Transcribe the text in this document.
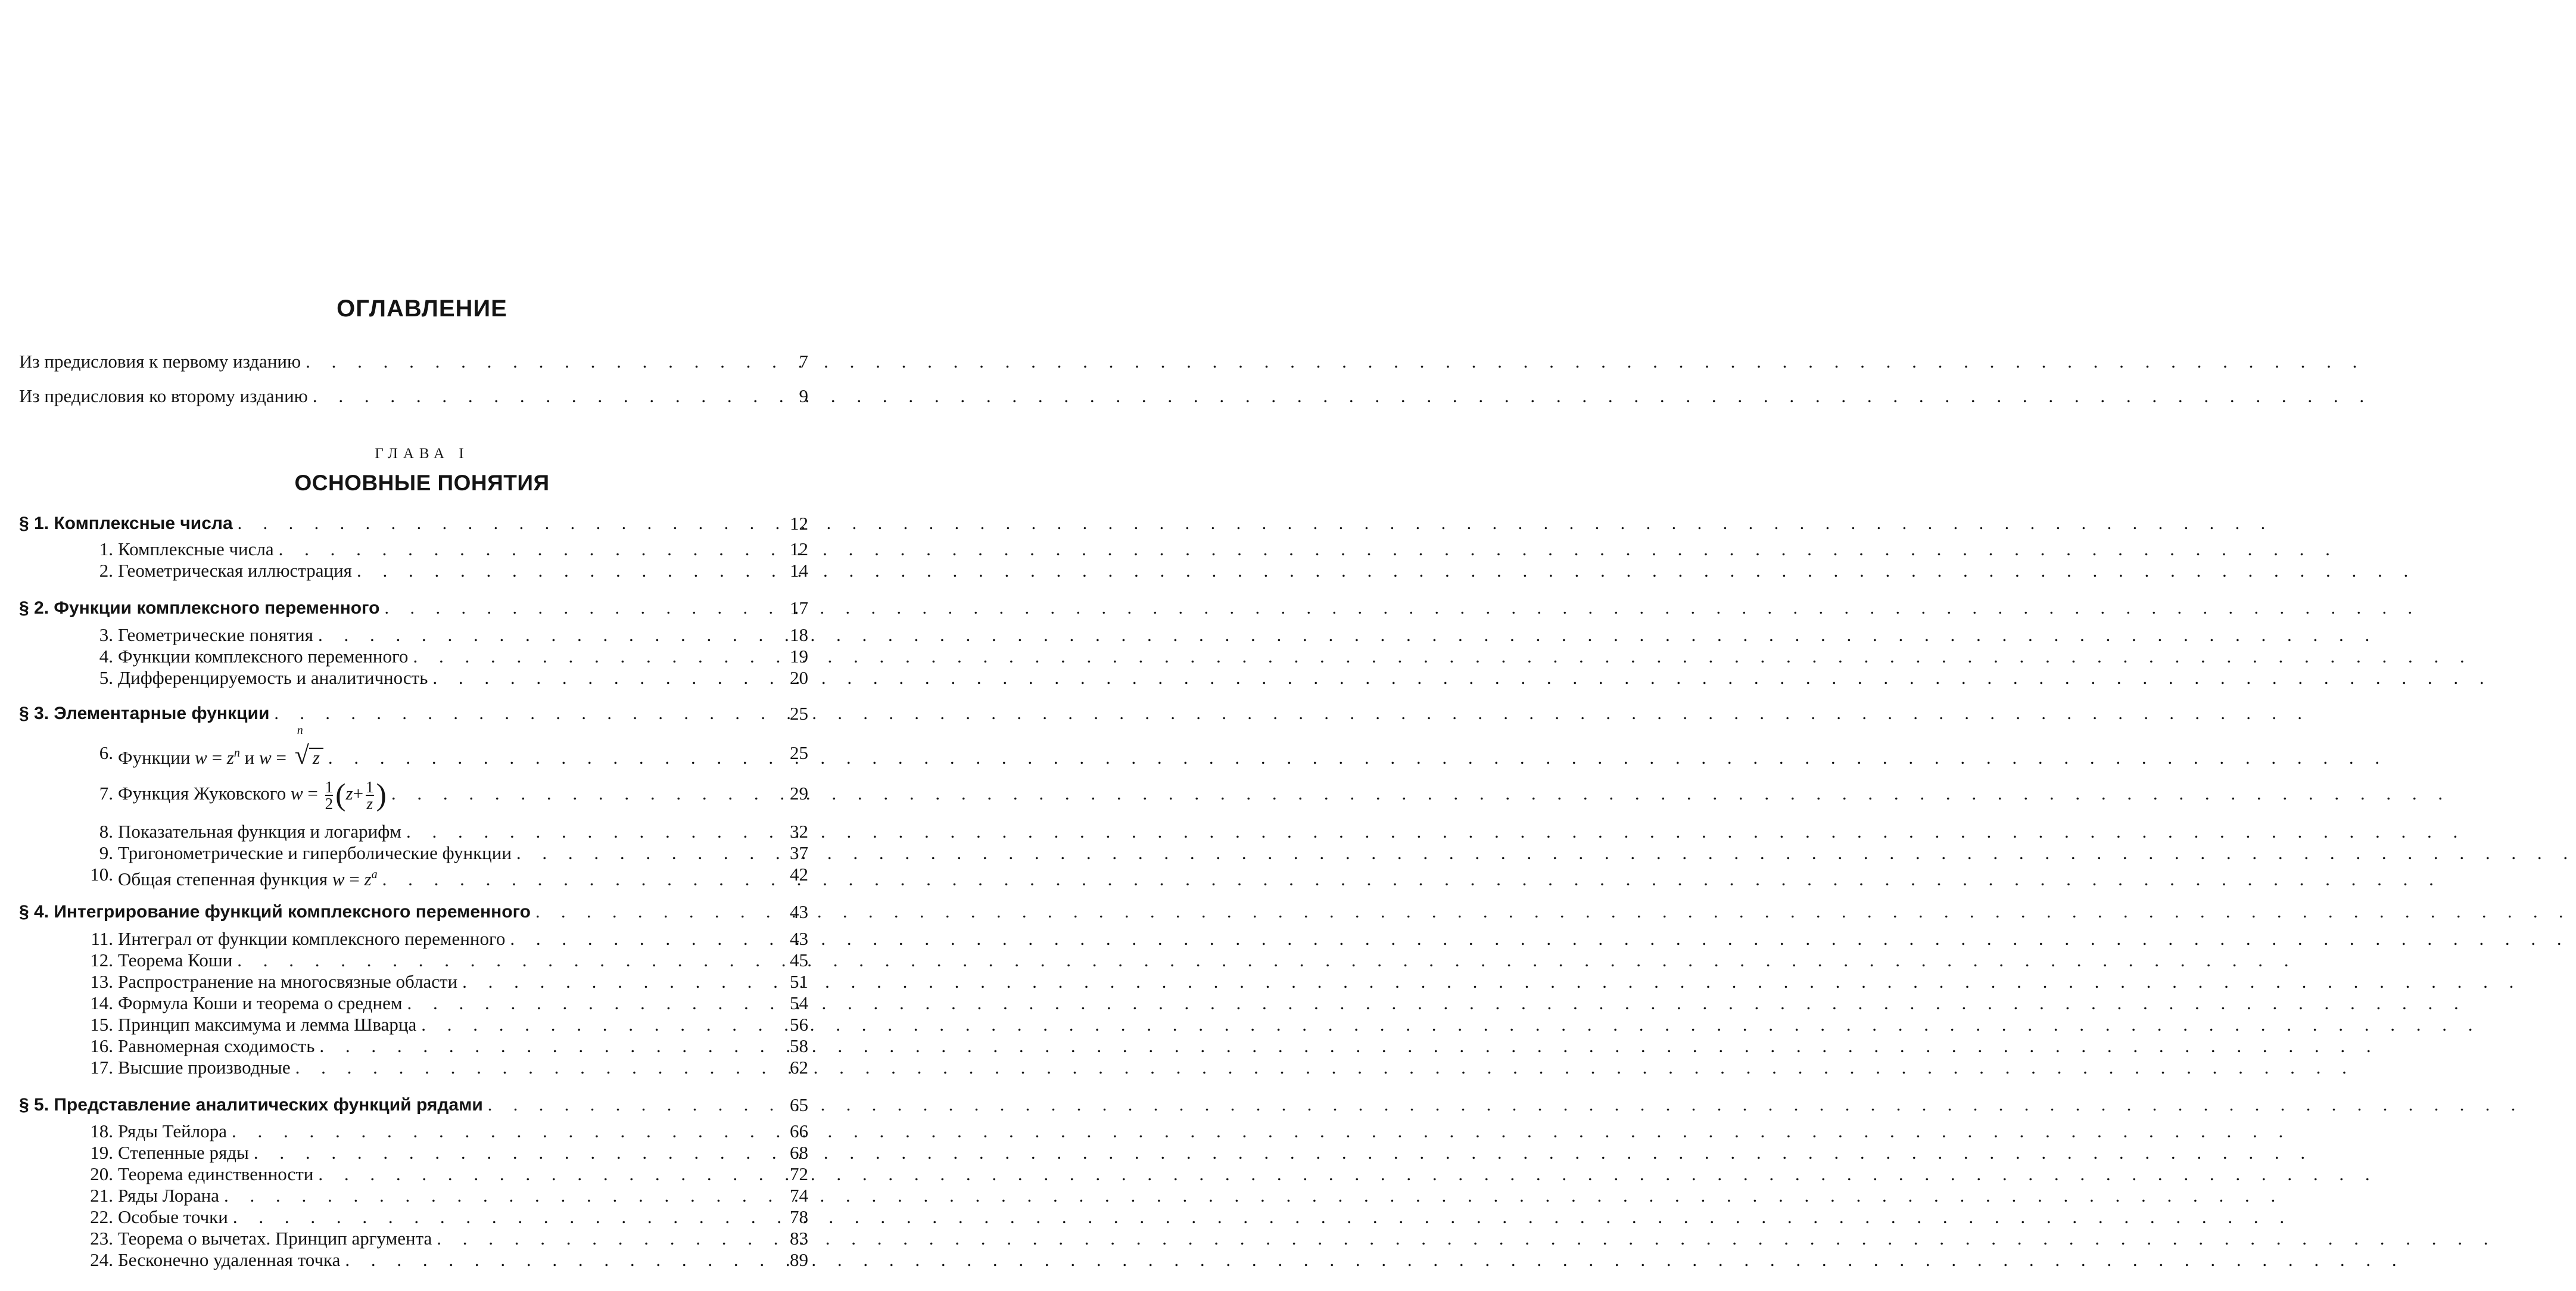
ОГЛАВЛЕНИЕ
Из предисловия к первому изданию . . .	7
Из предисловия ко второму изданию . . .	9
ГЛАВА I
ОСНОВНЫЕ ПОНЯТИЯ
§ 1. Комплексные числа . . .	12
1. Комплексные числа . . .	12
2. Геометрическая иллюстрация . . .	14
§ 2. Функции комплексного переменного . . .	17
3. Геометрические понятия . . .	18
4. Функции комплексного переменного . . .	19
5. Дифференцируемость и аналитичность . . .	20
§ 3. Элементарные функции . . .	25
6. Функции $w = z^n$ и w =
n
√ z . . .	25
7. Функция Жуковского $w = \frac{1}{2} (z+ \frac{1}{z}$ ) . . .	29
8. Показательная функция и логарифм . . .	32
9. Тригонометрические и гиперболические функции . . .	37
10. Общая степенная функция $w = z^a$ . . .	42
§ 4. Интегрирование функций комплексного переменного . . .	43
11. Интеграл от функции комплексного переменного . . .	43
12. Теорема Коши . . .	45
13. Распространение на многосвязные области . . .	51
14. Формула Коши и теорема о среднем . . .	54
15. Принцип максимума и лемма Шварца . . .	56
16. Равномерная сходимость . . .	58
17. Высшие производные . . .	62
§ 5. Представление аналитических функций рядами . . .	65
18. Ряды Тейлора . . .	66
19. Степенные ряды . . .	68
20. Теорема единственности . . .	72
21. Ряды Лорана . . .	74
22. Особые точки . . .	78
23. Теорема о вычетах. Принцип аргумента . . .	83
24. Бесконечно удаленная точка . . .	89
